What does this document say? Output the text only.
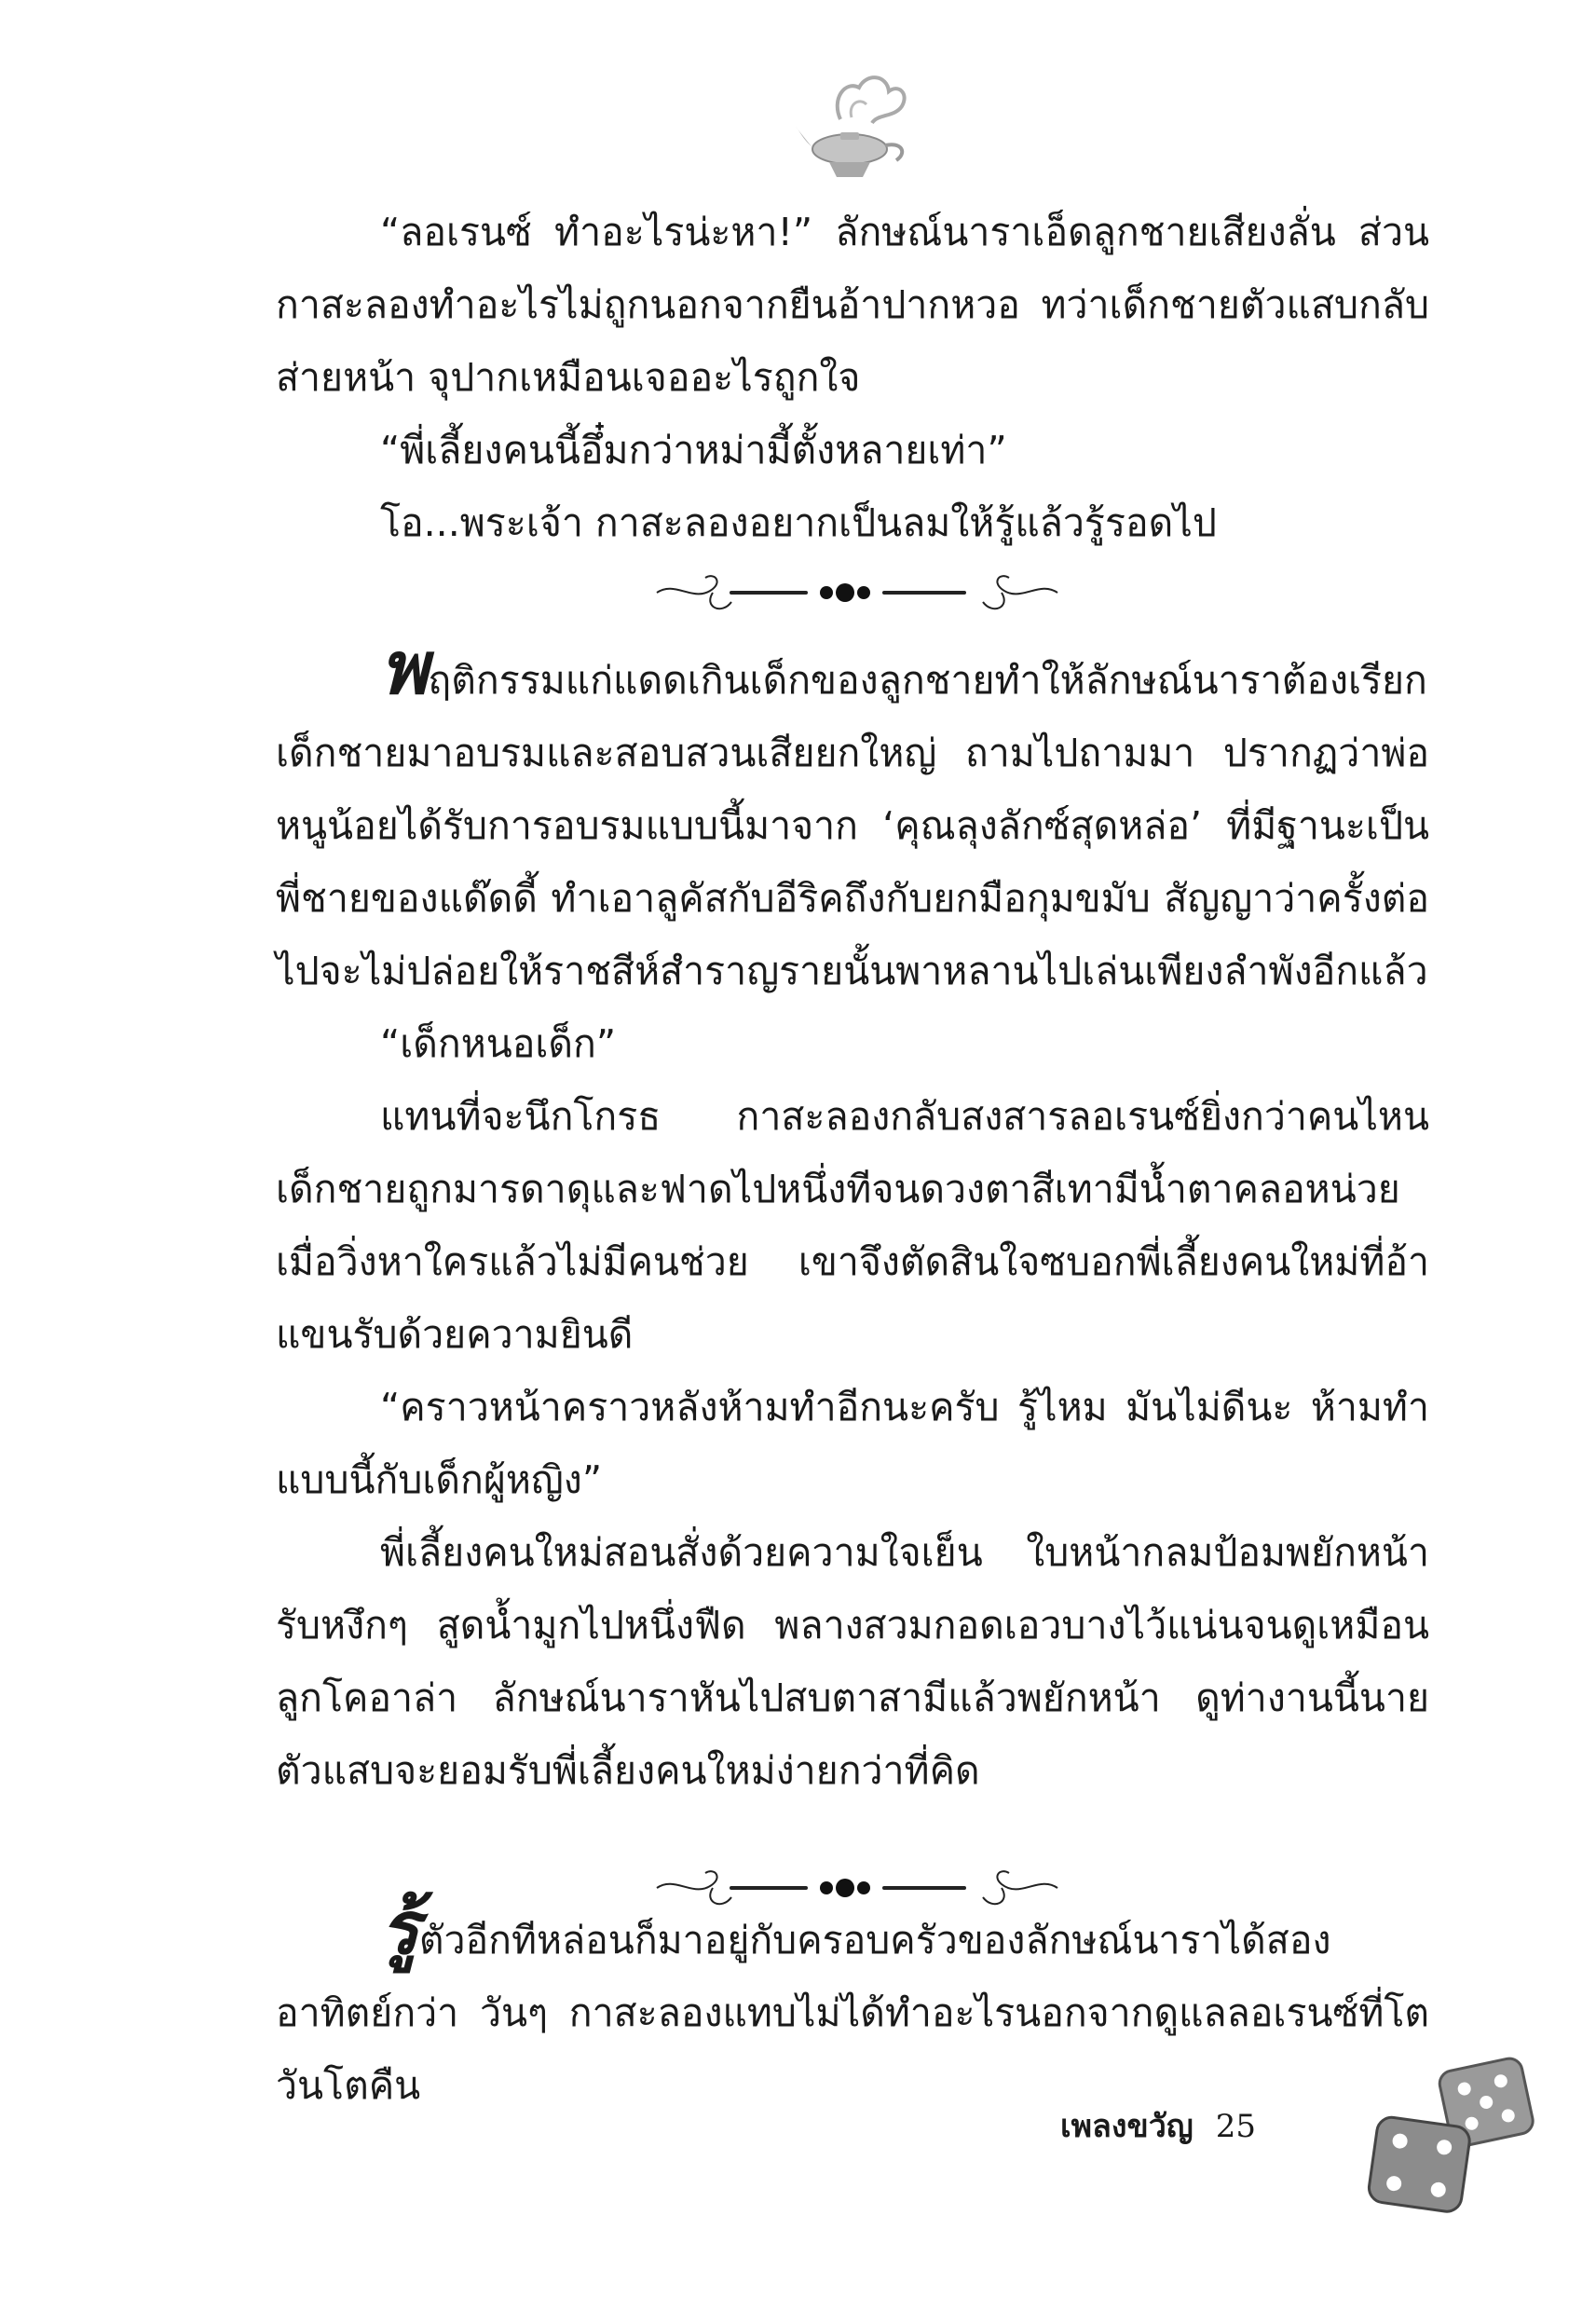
“ลอเรนซ์ ทำอะไรน่ะหา!” ลักษณ์นาราเอ็ดลูกชายเสียงลั่น ส่วนกาสะลองทำอะไรไม่ถูกนอกจากยืนอ้าปากหวอ ทว่าเด็กชายตัวแสบกลับส่ายหน้า จุปากเหมือนเจออะไรถูกใจ

“พี่เลี้ยงคนนี้อึ๋มกว่าหม่ามี้ตั้งหลายเท่า”

โอ...พระเจ้า กาสะลองอยากเป็นลมให้รู้แล้วรู้รอดไป

พฤติกรรมแก่แดดเกินเด็กของลูกชายทำให้ลักษณ์นาราต้องเรียกเด็กชายมาอบรมและสอบสวนเสียยกใหญ่ ถามไปถามมา ปรากฏว่าพ่อหนูน้อยได้รับการอบรมแบบนี้มาจาก ‘คุณลุงลักซ์สุดหล่อ’ ที่มีฐานะเป็นพี่ชายของแด๊ดดี้ ทำเอาลูคัสกับอีริคถึงกับยกมือกุมขมับ สัญญาว่าครั้งต่อไปจะไม่ปล่อยให้ราชสีห์สำราญรายนั้นพาหลานไปเล่นเพียงลำพังอีกแล้ว

“เด็กหนอเด็ก”

แทนที่จะนึกโกรธ กาสะลองกลับสงสารลอเรนซ์ยิ่งกว่าคนไหน เด็กชายถูกมารดาดุและฟาดไปหนึ่งทีจนดวงตาสีเทามีน้ำตาคลอหน่วย เมื่อวิ่งหาใครแล้วไม่มีคนช่วย เขาจึงตัดสินใจซบอกพี่เลี้ยงคนใหม่ที่อ้าแขนรับด้วยความยินดี

“คราวหน้าคราวหลังห้ามทำอีกนะครับ รู้ไหม มันไม่ดีนะ ห้ามทำแบบนี้กับเด็กผู้หญิง”

พี่เลี้ยงคนใหม่สอนสั่งด้วยความใจเย็น ใบหน้ากลมป้อมพยักหน้ารับหงึกๆ สูดน้ำมูกไปหนึ่งฟืด พลางสวมกอดเอวบางไว้แน่นจนดูเหมือนลูกโคอาล่า ลักษณ์นาราหันไปสบตาสามีแล้วพยักหน้า ดูท่างานนี้นายตัวแสบจะยอมรับพี่เลี้ยงคนใหม่ง่ายกว่าที่คิด

รู้ตัวอีกทีหล่อนก็มาอยู่กับครอบครัวของลักษณ์นาราได้สองอาทิตย์กว่า วันๆ กาสะลองแทบไม่ได้ทำอะไรนอกจากดูแลลอเรนซ์ที่โตวันโตคืน

เพลงขวัญ 25
